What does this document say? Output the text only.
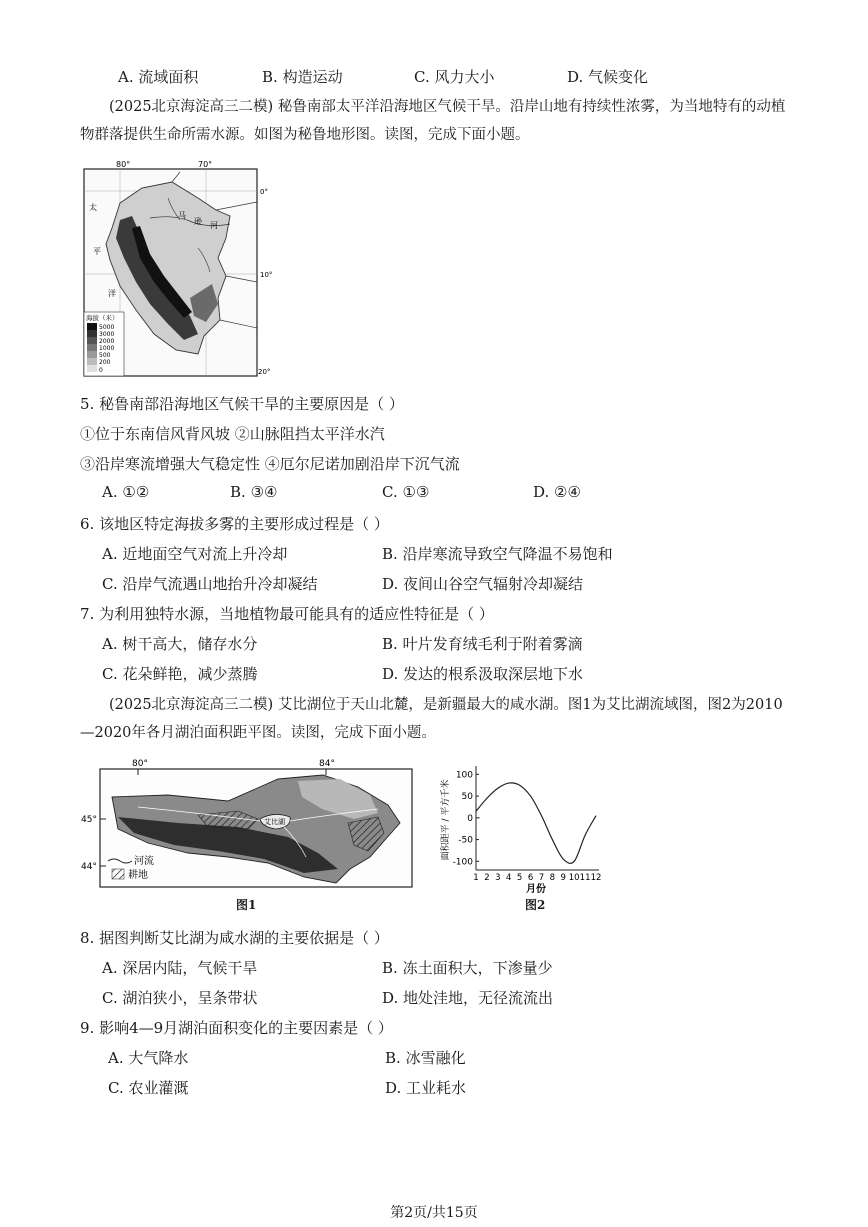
A. 流域面积	B. 构造运动	C. 风力大小	D. 气候变化
(2025北京海淀高三二模) 秘鲁南部太平洋沿海地区气候干旱。沿岸山地有持续性浓雾，为当地特有的动植物群落提供生命所需水源。如图为秘鲁地形图。读图，完成下面小题。
80°	70°
0°
10°
20°
马
逊 河
太
平
洋
海拔（米）
5000
3000
2000
1000
500
200
0
5. 秘鲁南部沿海地区气候干旱的主要原因是（ ）
①位于东南信风背风坡 ②山脉阻挡太平洋水汽
③沿岸寒流增强大气稳定性 ④厄尔尼诺加剧沿岸下沉气流
A. ①②	B. ③④	C. ①③	D. ②④
6. 该地区特定海拔多雾的主要形成过程是（ ）
A. 近地面空气对流上升冷却	B. 沿岸寒流导致空气降温不易饱和
C. 沿岸气流遇山地抬升冷却凝结	D. 夜间山谷空气辐射冷却凝结
7. 为利用独特水源，当地植物最可能具有的适应性特征是（ ）
A. 树干高大，储存水分	B. 叶片发育绒毛利于附着雾滴
C. 花朵鲜艳，减少蒸腾	D. 发达的根系汲取深层地下水
(2025北京海淀高三二模) 艾比湖位于天山北麓，是新疆最大的咸水湖。图1为艾比湖流域图，图2为2010—2020年各月湖泊面积距平图。读图，完成下面小题。
80°	84°
45°
44°
艾比湖
河流
耕地
图1
面积距平 / 平方千米
100
50
0
-50
-100
1 2 3 4 5 6 7 8 9 10 11 12
月份
图2
8. 据图判断艾比湖为咸水湖的主要依据是（ ）
A. 深居内陆，气候干旱	B. 冻土面积大，下渗量少
C. 湖泊狭小，呈条带状	D. 地处洼地，无径流流出
9. 影响4—9月湖泊面积变化的主要因素是（ ）
A. 大气降水	B. 冰雪融化
C. 农业灌溉	D. 工业耗水
第2页/共15页
